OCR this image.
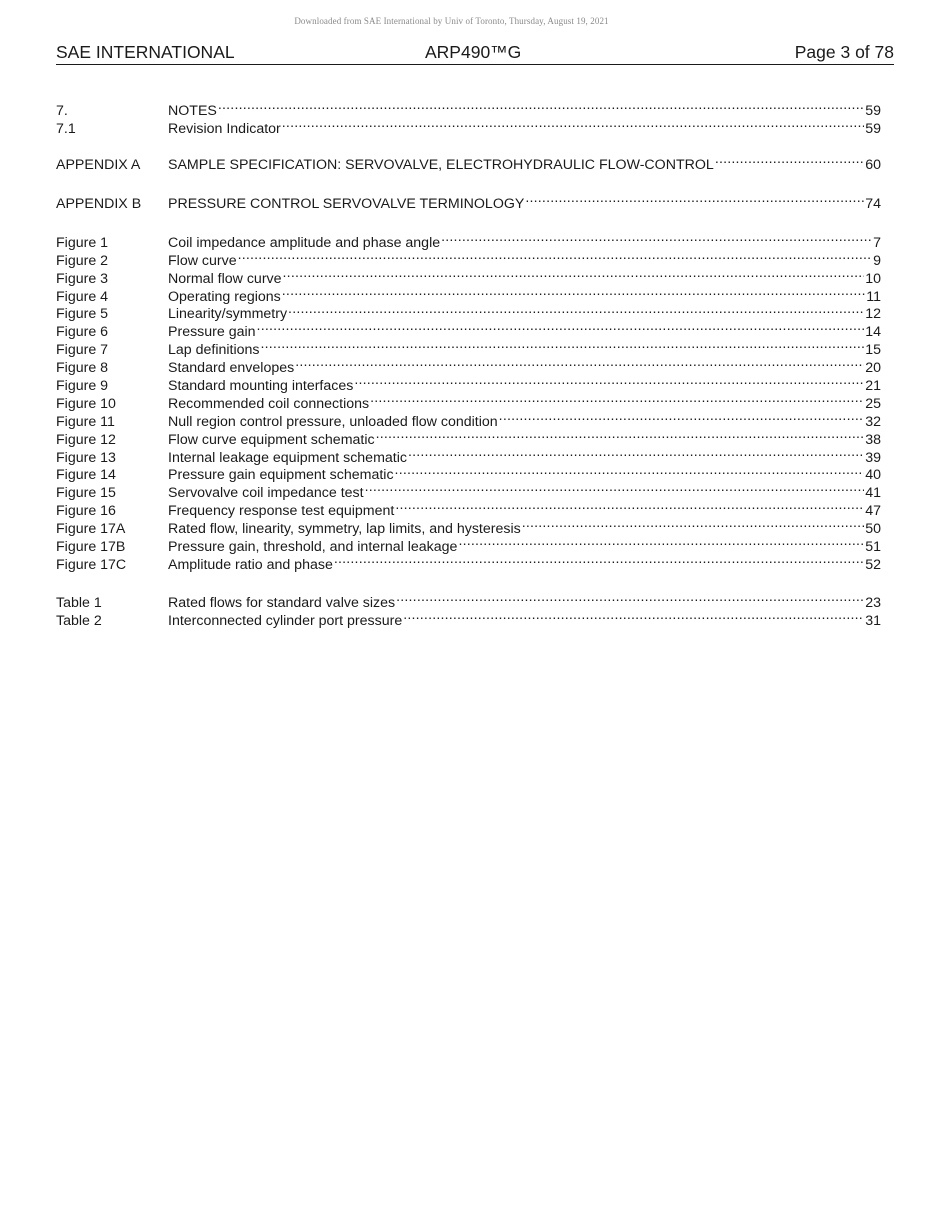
Downloaded from SAE International by Univ of Toronto, Thursday, August 19, 2021
SAE INTERNATIONAL	ARP490™G	Page 3 of 78
7.	NOTES .....	59
7.1	Revision Indicator .....	59
APPENDIX A	SAMPLE SPECIFICATION: SERVOVALVE, ELECTROHYDRAULIC FLOW-CONTROL .....	60
APPENDIX B	PRESSURE CONTROL SERVOVALVE TERMINOLOGY .....	74
Figure 1	Coil impedance amplitude and phase angle .....	7
Figure 2	Flow curve .....	9
Figure 3	Normal flow curve .....	10
Figure 4	Operating regions .....	11
Figure 5	Linearity/symmetry .....	12
Figure 6	Pressure gain .....	14
Figure 7	Lap definitions .....	15
Figure 8	Standard envelopes .....	20
Figure 9	Standard mounting interfaces .....	21
Figure 10	Recommended coil connections .....	25
Figure 11	Null region control pressure, unloaded flow condition .....	32
Figure 12	Flow curve equipment schematic .....	38
Figure 13	Internal leakage equipment schematic .....	39
Figure 14	Pressure gain equipment schematic .....	40
Figure 15	Servovalve coil impedance test .....	41
Figure 16	Frequency response test equipment .....	47
Figure 17A	Rated flow, linearity, symmetry, lap limits, and hysteresis .....	50
Figure 17B	Pressure gain, threshold, and internal leakage .....	51
Figure 17C	Amplitude ratio and phase .....	52
Table 1	Rated flows for standard valve sizes .....	23
Table 2	Interconnected cylinder port pressure .....	31
